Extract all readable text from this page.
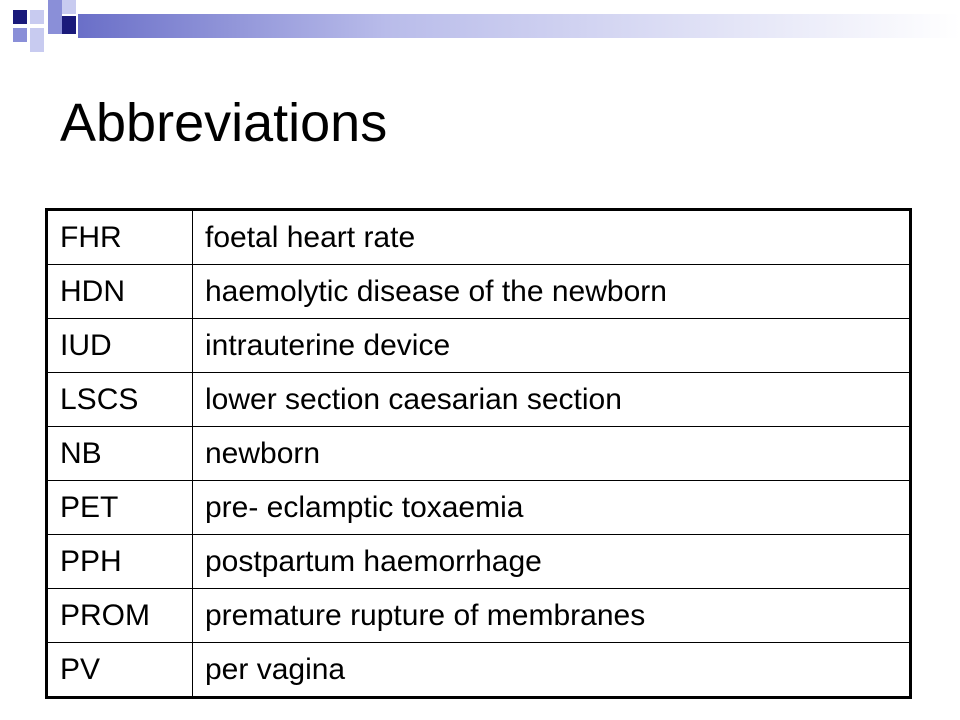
Abbreviations
FHR	foetal heart rate
HDN	haemolytic disease of the newborn
IUD	intrauterine device
LSCS	lower section caesarian section
NB	newborn
PET	pre- eclamptic toxaemia
PPH	postpartum haemorrhage
PROM	premature rupture of membranes
PV	per vagina
